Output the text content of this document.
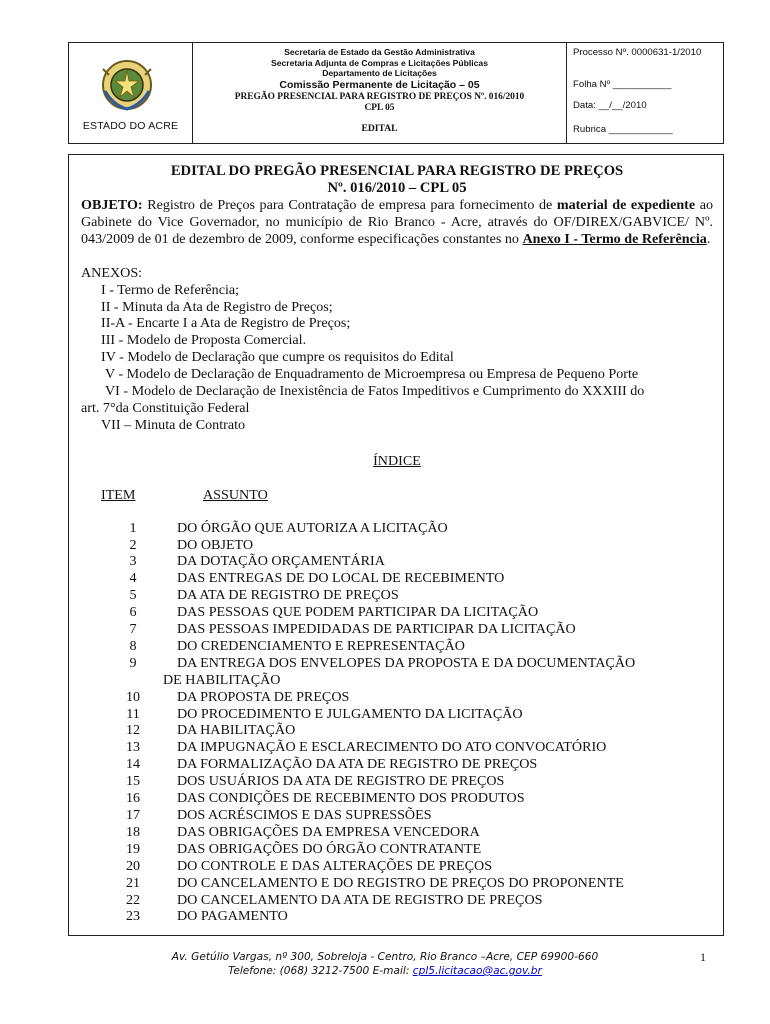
ESTADO DO ACRE
Secretaria de Estado da Gestão Administrativa
Secretaria Adjunta de Compras e Licitações Públicas
Departamento de Licitações
Comissão Permanente de Licitação – 05
PREGÃO PRESENCIAL PARA REGISTRO DE PREÇOS Nº. 016/2010
CPL 05
EDITAL
Processo Nº. 0000631-1/2010
Folha Nº ___________
Data: __/__/2010
Rubrica ____________
EDITAL DO PREGÃO PRESENCIAL PARA REGISTRO DE PREÇOS
Nº. 016/2010 – CPL 05
OBJETO: Registro de Preços para Contratação de empresa para fornecimento de material de expediente ao Gabinete do Vice Governador, no município de Rio Branco - Acre, através do OF/DIREX/GABVICE/ Nº. 043/2009 de 01 de dezembro de 2009, conforme especificações constantes no Anexo I - Termo de Referência.
ANEXOS:
I - Termo de Referência;
II - Minuta da Ata de Registro de Preços;
II-A - Encarte I a Ata de Registro de Preços;
III - Modelo de Proposta Comercial.
IV - Modelo de Declaração que cumpre os requisitos do Edital
V - Modelo de Declaração de Enquadramento de Microempresa ou Empresa de Pequeno Porte
VI - Modelo de Declaração de Inexistência de Fatos Impeditivos e Cumprimento do XXXIII do
art. 7°da Constituição Federal
VII – Minuta de Contrato
ÍNDICE
ITEM	ASSUNTO
1	DO ÓRGÃO QUE AUTORIZA A LICITAÇÃO
2	DO OBJETO
3	DA DOTAÇÃO ORÇAMENTÁRIA
4	DAS ENTREGAS DE DO LOCAL DE RECEBIMENTO
5	DA ATA DE REGISTRO DE PREÇOS
6	DAS PESSOAS QUE PODEM PARTICIPAR DA LICITAÇÃO
7	DAS PESSOAS IMPEDIDADAS DE PARTICIPAR DA LICITAÇÃO
8	DO CREDENCIAMENTO E REPRESENTAÇÃO
9	DA ENTREGA DOS ENVELOPES DA PROPOSTA E DA DOCUMENTAÇÃO
DE HABILITAÇÃO
10	DA PROPOSTA DE PREÇOS
11	DO PROCEDIMENTO E JULGAMENTO DA LICITAÇÃO
12	DA HABILITAÇÃO
13	DA IMPUGNAÇÃO E ESCLARECIMENTO DO ATO CONVOCATÓRIO
14	DA FORMALIZAÇÃO DA ATA DE REGISTRO DE PREÇOS
15	DOS USUÁRIOS DA ATA DE REGISTRO DE PREÇOS
16	DAS CONDIÇÕES DE RECEBIMENTO DOS PRODUTOS
17	DOS ACRÉSCIMOS E DAS SUPRESSÕES
18	DAS OBRIGAÇÕES DA EMPRESA VENCEDORA
19	DAS OBRIGAÇÕES DO ÓRGÃO CONTRATANTE
20	DO CONTROLE E DAS ALTERAÇÕES DE PREÇOS
21	DO CANCELAMENTO E DO REGISTRO DE PREÇOS DO PROPONENTE
22	DO CANCELAMENTO DA ATA DE REGISTRO DE PREÇOS
23	DO PAGAMENTO
Av. Getúlio Vargas, nº 300, Sobreloja - Centro, Rio Branco –Acre, CEP 69900-660
Telefone: (068) 3212-7500 E-mail: cpl5.licitacao@ac.gov.br
1
